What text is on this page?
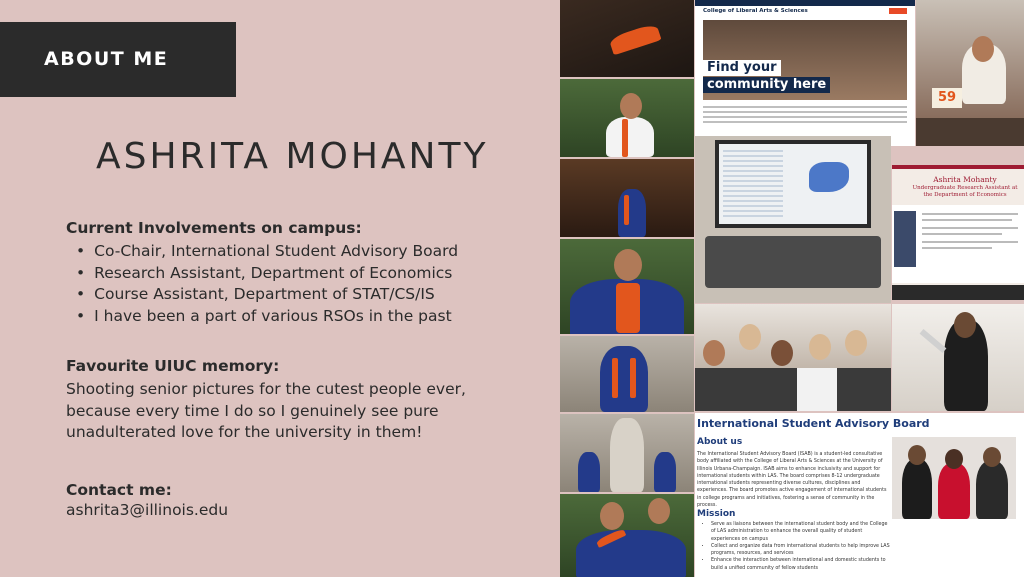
ABOUT ME
ASHRITA MOHANTY
Current Involvements on campus:
• Co-Chair, International Student Advisory Board
• Research Assistant, Department of Economics
• Course Assistant, Department of STAT/CS/IS
• I have been a part of various RSOs in the past
Favourite UIUC memory:
Shooting senior pictures for the cutest people ever, because every time I do so I genuinely see pure unadulterated love for the university in them!
Contact me:
ashrita3@illinois.edu
College of Liberal Arts & Sciences
Find your
community here
59
Ashrita Mohanty
Undergraduate Research Assistant at the Department of Economics
International Student Advisory Board
About us
The International Student Advisory Board (ISAB) is a student-led consultative body affiliated with the College of Liberal Arts & Sciences at the University of Illinois Urbana-Champaign. ISAB aims to enhance inclusivity and support for international students within LAS. The board comprises 8-12 undergraduate international students representing diverse cultures, disciplines and experiences. The board promotes active engagement of international students in college programs and initiatives, fostering a sense of community in the process.
Mission
• Serve as liaisons between the international student body and the College of LAS administration to enhance the overall quality of student experiences on campus
• Collect and organize data from international students to help improve LAS programs, resources, and services
• Enhance the interaction between international and domestic students to build a unified community of fellow students
